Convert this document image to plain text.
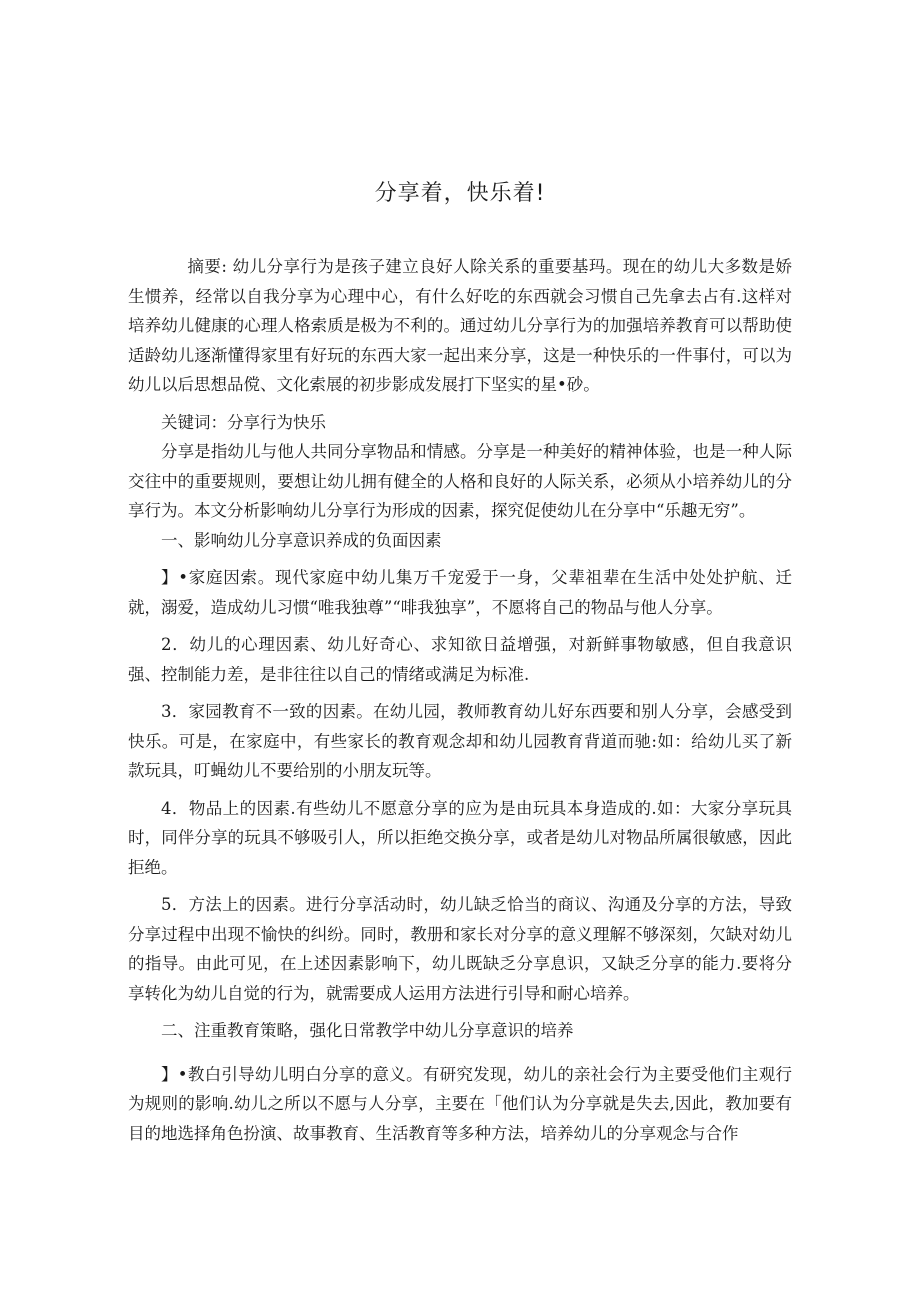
分享着，快乐着!

摘要: 幼儿分享行为是孩子建立良好人除关系的重要基玛。现在的幼儿大多数是娇生惯养，经常以自我分享为心理中心，有什么好吃的东西就会习惯自己先拿去占有.这样对培养幼儿健康的心理人格索质是极为不利的。通过幼儿分享行为的加强培养教育可以帮助使适龄幼儿逐渐懂得家里有好玩的东西大家一起出来分享，这是一种快乐的一件事付，可以为幼儿以后思想品傥、文化索展的初步影成发展打下坚实的星•砂。

关键词：分享行为快乐

分享是指幼儿与他人共同分享物品和情感。分享是一种美好的精神体验，也是一种人际交往中的重要规则，要想让幼儿拥有健全的人格和良好的人际关系，必须从小培养幼儿的分享行为。本文分析影响幼儿分享行为形成的因素，探究促使幼儿在分享中“乐趣无穷”。

一、影响幼儿分享意识养成的负面因素

】•家庭因索。现代家庭中幼儿集万千宠爱于一身，父辈祖辈在生活中处处护航、迁就，溺爱，造成幼儿习惯“唯我独尊”“啡我独享”，不愿将自己的物品与他人分享。

2．幼儿的心理因素、幼儿好奇心、求知欲日益增强，对新鲜事物敏感，但自我意识强、控制能力差，是非往往以自己的情绪或满足为标准.

3．家园教育不一致的因素。在幼儿园，教师教育幼儿好东西要和别人分享，会感受到快乐。可是，在家庭中，有些家长的教育观念却和幼儿园教育背道而驰:如：给幼儿买了新款玩具，叮蝇幼儿不要给别的小朋友玩等。

4．物品上的因素.有些幼儿不愿意分享的应为是由玩具本身造成的.如：大家分享玩具时，同伴分享的玩具不够吸引人，所以拒绝交换分享，或者是幼儿对物品所属很敏感，因此拒绝。

5．方法上的因素。进行分享活动时，幼儿缺乏恰当的商议、沟通及分享的方法，导致分享过程中出现不愉快的纠纷。同时，教册和家长对分享的意义理解不够深刻，欠缺对幼儿的指导。由此可见，在上述因素影响下，幼儿既缺乏分享息识，又缺乏分享的能力.要将分享转化为幼儿自觉的行为，就需要成人运用方法进行引导和耐心培养。

二、注重教育策略，强化日常教学中幼儿分享意识的培养

】•教白引导幼儿明白分享的意义。有研究发现，幼儿的亲社会行为主要受他们主观行为规则的影响.幼儿之所以不愿与人分享，主要在「他们认为分享就是失去,因此，教加要有目的地选择角色扮演、故事教育、生活教育等多种方法，培养幼儿的分享观念与合作
